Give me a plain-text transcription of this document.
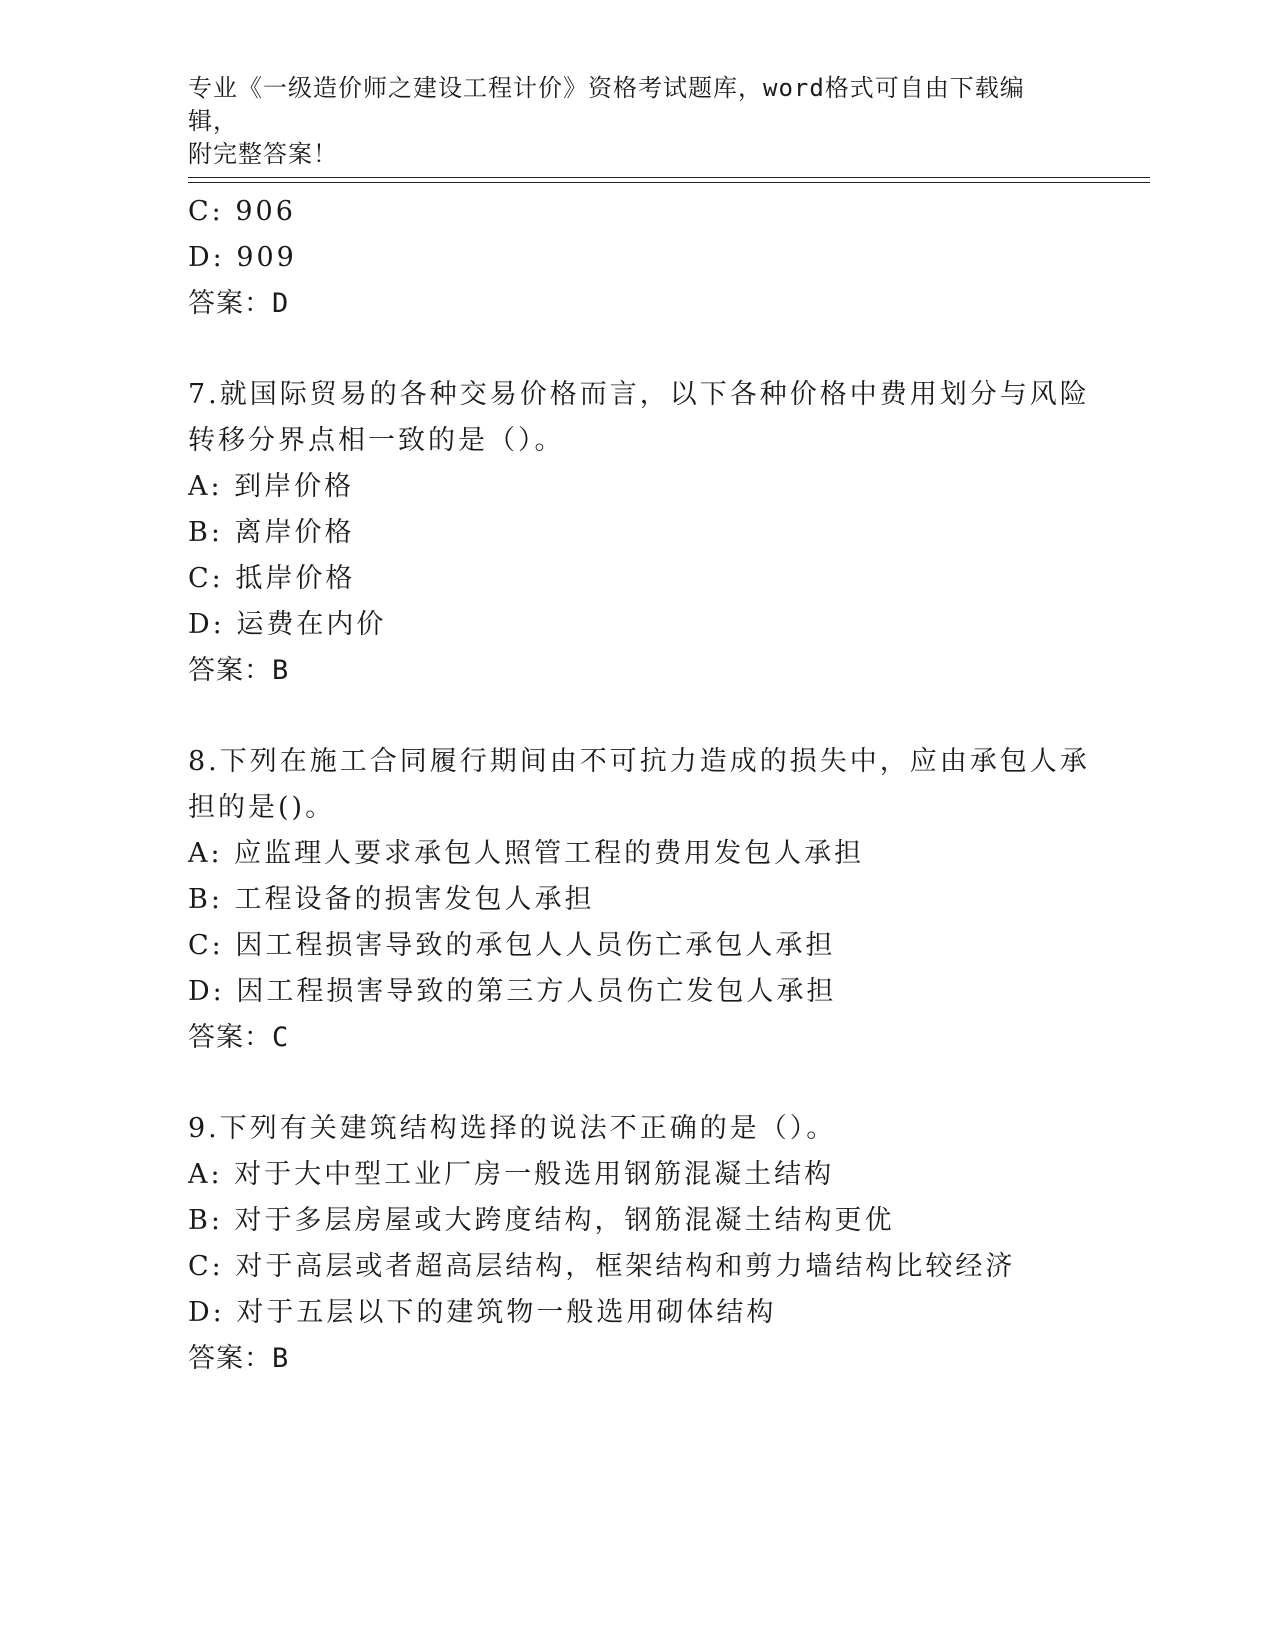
专业《一级造价师之建设工程计价》资格考试题库，word格式可自由下载编辑，
附完整答案！
C: 906
D: 909
答案：D
7.就国际贸易的各种交易价格而言，以下各种价格中费用划分与风险
转移分界点相一致的是（）。
A: 到岸价格
B: 离岸价格
C: 抵岸价格
D: 运费在内价
答案：B
8.下列在施工合同履行期间由不可抗力造成的损失中，应由承包人承
担的是()。
A: 应监理人要求承包人照管工程的费用发包人承担
B: 工程设备的损害发包人承担
C: 因工程损害导致的承包人人员伤亡承包人承担
D: 因工程损害导致的第三方人员伤亡发包人承担
答案：C
9.下列有关建筑结构选择的说法不正确的是（）。
A: 对于大中型工业厂房一般选用钢筋混凝土结构
B: 对于多层房屋或大跨度结构，钢筋混凝土结构更优
C: 对于高层或者超高层结构，框架结构和剪力墙结构比较经济
D: 对于五层以下的建筑物一般选用砌体结构
答案：B
